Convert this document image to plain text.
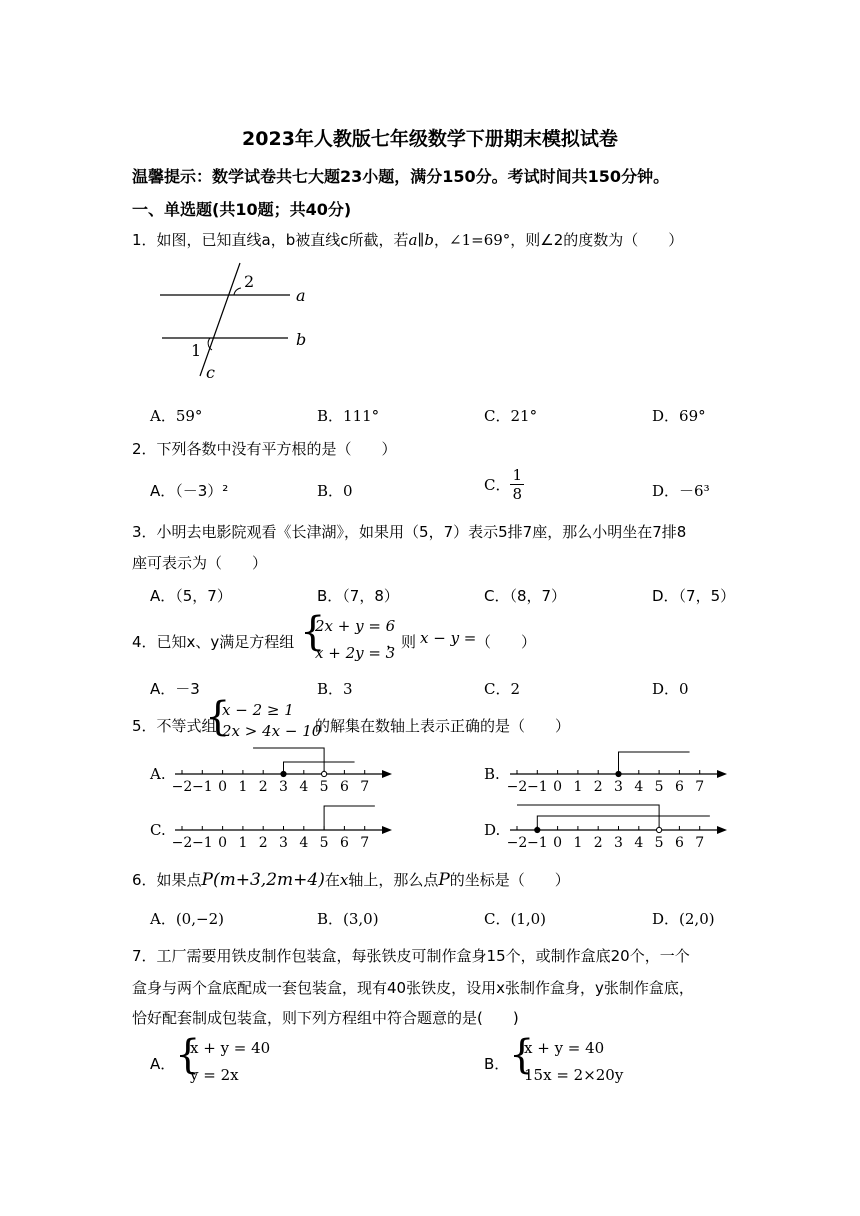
2023年人教版七年级数学下册期末模拟试卷
温馨提示：数学试卷共七大题23小题，满分150分。考试时间共150分钟。
一、单选题(共10题；共40分)
1．如图，已知直线a，b被直线c所截，若a∥b，∠1=69°，则∠2的度数为（　　）
2
1
a
b
c
A．59°	B．111°	C．21°	D．69°
2．下列各数中没有平方根的是（　　）
A．（－3）²	B．0	C． $\frac{1}{8}$	D．－6³
3．小明去电影院观看《长津湖》，如果用（5，7）表示5排7座，那么小明坐在7排8
座可表示为（　　）
A．（5，7）	B．（7，8）	C．（8，7）	D．（7，5）
4．已知x、y满足方程组 {
2x + y = 6
x + 2y = 3
，则 x − y = （　　）
A．－3	B．3	C．2	D．0
5．不等式组
{
x − 2 ≥ 1
2x > 4x − 10
的解集在数轴上表示正确的是（　　）
A.	B.
C.	D.
−2 −1 0 1 2 3 4 5 6 7	−2 −1 0 1 2 3 4 5 6 7
−2 −1 0 1 2 3 4 5 6 7	−2 −1 0 1 2 3 4 5 6 7
6．如果点P(m+3,2m+4)在x轴上，那么点P的坐标是（　　）
A．(0,−2)	B．(3,0)	C．(1,0)	D．(2,0)
7．工厂需要用铁皮制作包装盒，每张铁皮可制作盒身15个，或制作盒底20个，一个
盒身与两个盒底配成一套包装盒，现有40张铁皮，设用x张制作盒身，y张制作盒底，
恰好配套制成包装盒，则下列方程组中符合题意的是(　　)
A． {
x + y = 40
y = 2x
B． {
x + y = 40
15x = 2×20y
